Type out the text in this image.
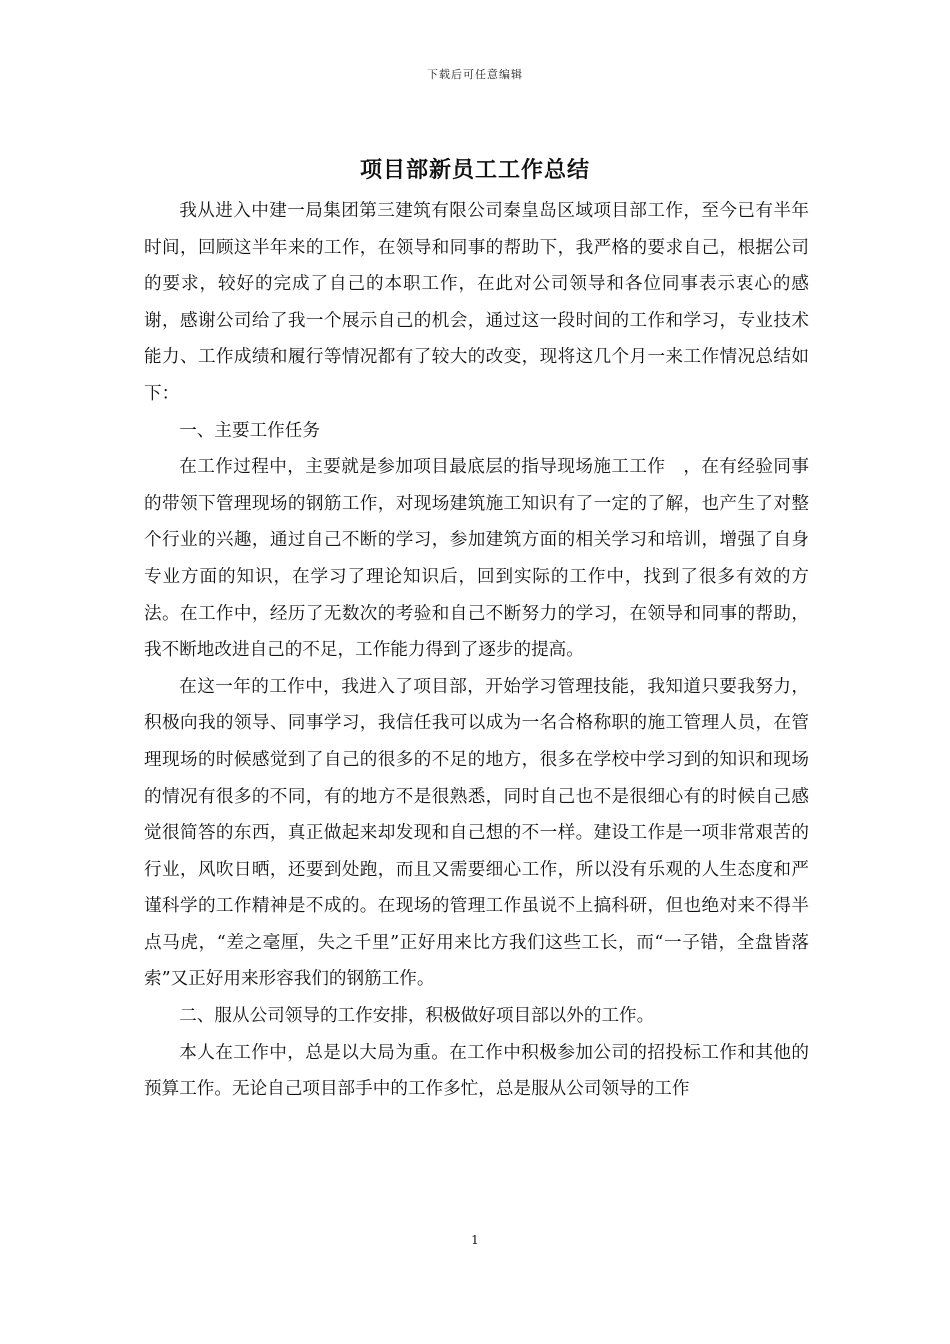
下载后可任意编辑
项目部新员工工作总结

我从进入中建一局集团第三建筑有限公司秦皇岛区域项目部工作，至今已有半年时间，回顾这半年来的工作，在领导和同事的帮助下，我严格的要求自己，根据公司的要求，较好的完成了自己的本职工作，在此对公司领导和各位同事表示衷心的感谢，感谢公司给了我一个展示自己的机会，通过这一段时间的工作和学习，专业技术能力、工作成绩和履行等情况都有了较大的改变，现将这几个月一来工作情况总结如下：

一、主要工作任务

在工作过程中，主要就是参加项目最底层的指导现场施工工作　，在有经验同事的带领下管理现场的钢筋工作，对现场建筑施工知识有了一定的了解，也产生了对整个行业的兴趣，通过自己不断的学习，参加建筑方面的相关学习和培训，增强了自身专业方面的知识，在学习了理论知识后，回到实际的工作中，找到了很多有效的方法。在工作中，经历了无数次的考验和自己不断努力的学习，在领导和同事的帮助，我不断地改进自己的不足，工作能力得到了逐步的提高。

在这一年的工作中，我进入了项目部，开始学习管理技能，我知道只要我努力，积极向我的领导、同事学习，我信任我可以成为一名合格称职的施工管理人员，在管理现场的时候感觉到了自己的很多的不足的地方，很多在学校中学习到的知识和现场的情况有很多的不同，有的地方不是很熟悉，同时自己也不是很细心有的时候自己感觉很简答的东西，真正做起来却发现和自己想的不一样。建设工作是一项非常艰苦的行业，风吹日晒，还要到处跑，而且又需要细心工作，所以没有乐观的人生态度和严谨科学的工作精神是不成的。在现场的管理工作虽说不上搞科研，但也绝对来不得半点马虎，“差之毫厘，失之千里”正好用来比方我们这些工长，而“一子错，全盘皆落索”又正好用来形容我们的钢筋工作。

二、服从公司领导的工作安排，积极做好项目部以外的工作。

本人在工作中，总是以大局为重。在工作中积极参加公司的招投标工作和其他的预算工作。无论自己项目部手中的工作多忙，总是服从公司领导的工作

1
